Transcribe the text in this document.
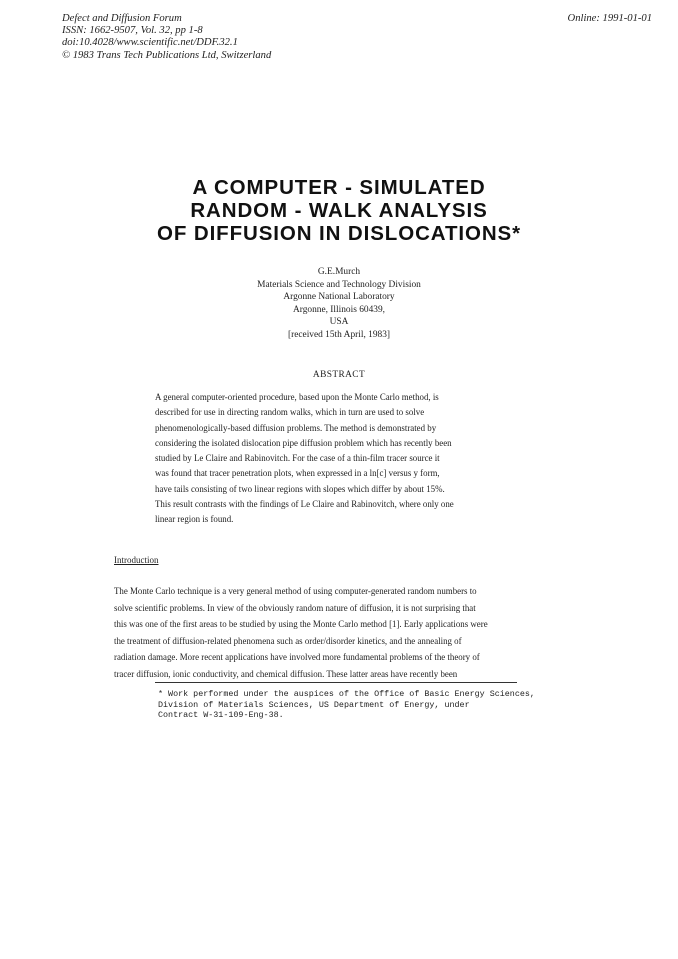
Defect and Diffusion Forum
ISSN: 1662-9507, Vol. 32, pp 1-8
doi:10.4028/www.scientific.net/DDF.32.1
© 1983 Trans Tech Publications Ltd, Switzerland
Online: 1991-01-01
A COMPUTER - SIMULATED
RANDOM - WALK ANALYSIS
OF DIFFUSION IN DISLOCATIONS*
G.E.Murch
Materials Science and Technology Division
Argonne National Laboratory
Argonne, Illinois 60439,
USA
[received 15th April, 1983]
ABSTRACT
A general computer-oriented procedure, based upon the Monte Carlo method, is
described for use in directing random walks, which in turn are used to solve
phenomenologically-based diffusion problems. The method is demonstrated by
considering the isolated dislocation pipe diffusion problem which has recently been
studied by Le Claire and Rabinovitch. For the case of a thin-film tracer source it
was found that tracer penetration plots, when expressed in a ln[c] versus y form,
have tails consisting of two linear regions with slopes which differ by about 15%.
This result contrasts with the findings of Le Claire and Rabinovitch, where only one
linear region is found.
Introduction
The Monte Carlo technique is a very general method of using computer-generated random numbers to
solve scientific problems. In view of the obviously random nature of diffusion, it is not surprising that
this was one of the first areas to be studied by using the Monte Carlo method [1]. Early applications were
the treatment of diffusion-related phenomena such as order/disorder kinetics, and the annealing of
radiation damage. More recent applications have involved more fundamental problems of the theory of
tracer diffusion, ionic conductivity, and chemical diffusion. These latter areas have recently been
* Work performed under the auspices of the Office of Basic Energy Sciences,
Division of Materials Sciences, US Department of Energy, under
Contract W-31-109-Eng-38.
